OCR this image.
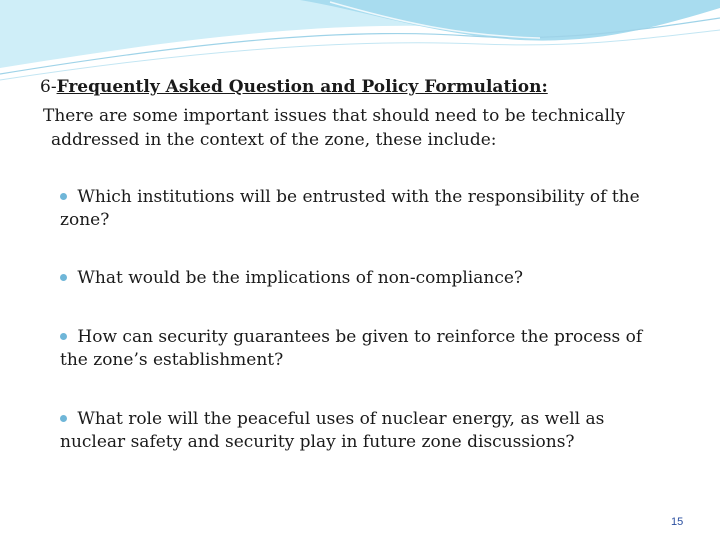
6-Frequently Asked Question and Policy Formulation:
There are some important issues that should need to be technically
addressed in the context of the zone, these include:
Which institutions will be entrusted with the responsibility of the zone?
What would be the implications of non-compliance?
How can security guarantees be given to reinforce the process of the zone’s establishment?
What role will the peaceful uses of nuclear energy, as well as nuclear safety and security play in future zone discussions?
15
